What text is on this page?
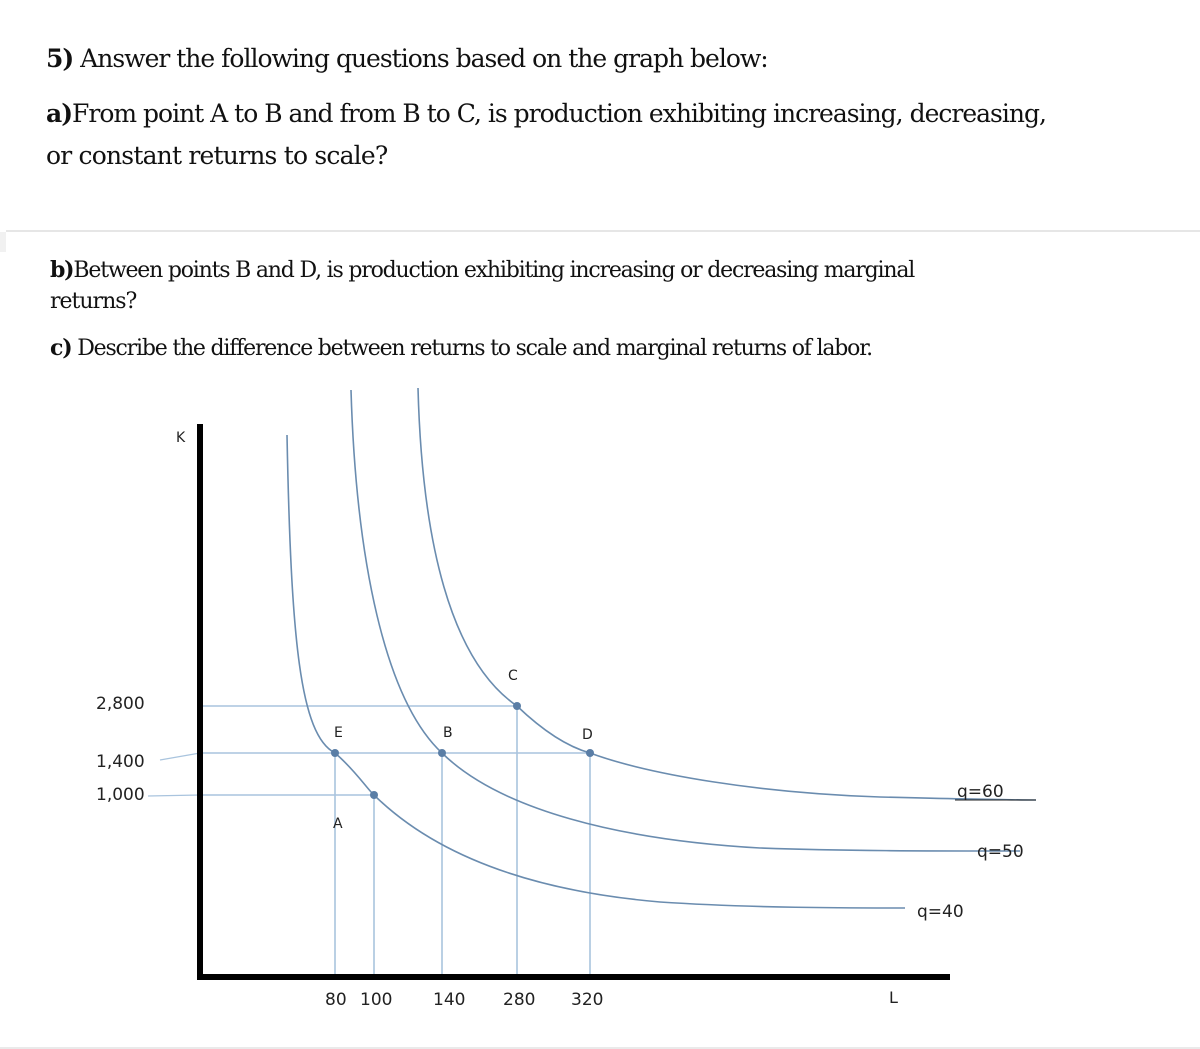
5) Answer the following questions based on the graph below:

a)From point A to B and from B to C, is production exhibiting increasing, decreasing,

or constant returns to scale?

b)Between points B and D, is production exhibiting increasing or decreasing marginal

returns?

c) Describe the difference between returns to scale and marginal returns of labor.

K
L
2,800
1,400
1,000
80 100 140 280 320
C
E	B	D
A
q=60
q=50
q=40
